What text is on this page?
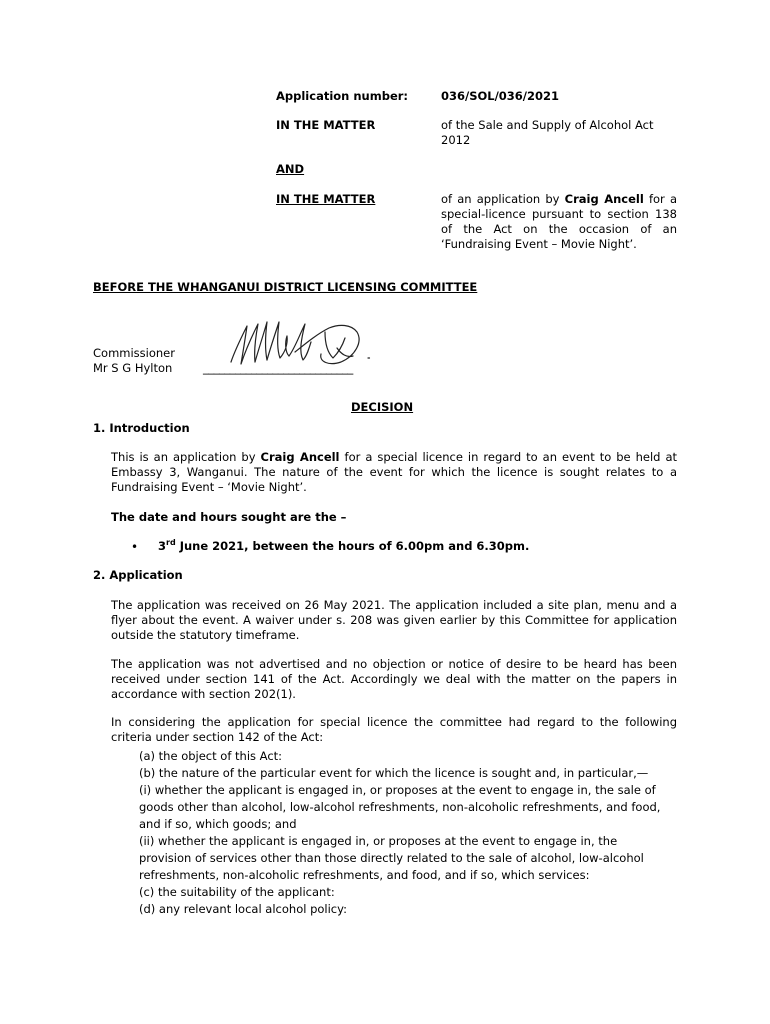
Application number:	036/SOL/036/2021
IN THE MATTER	of the Sale and Supply of Alcohol Act 2012
AND
IN THE MATTER	of an application by Craig Ancell for a special-licence pursuant to section 138 of the Act on the occasion of an ‘Fundraising Event – Movie Night’.
BEFORE THE WHANGANUI DISTRICT LICENSING COMMITTEE
Commissioner
Mr S G Hylton	____________________________
DECISION
1. Introduction
This is an application by Craig Ancell for a special licence in regard to an event to be held at Embassy 3, Wanganui. The nature of the event for which the licence is sought relates to a Fundraising Event – ‘Movie Night’.
The date and hours sought are the –
• 3rd June 2021, between the hours of 6.00pm and 6.30pm.
2. Application
The application was received on 26 May 2021. The application included a site plan, menu and a flyer about the event. A waiver under s. 208 was given earlier by this Committee for application outside the statutory timeframe.
The application was not advertised and no objection or notice of desire to be heard has been received under section 141 of the Act. Accordingly we deal with the matter on the papers in accordance with section 202(1).
In considering the application for special licence the committee had regard to the following criteria under section 142 of the Act:
(a) the object of this Act:
(b) the nature of the particular event for which the licence is sought and, in particular,—
(i) whether the applicant is engaged in, or proposes at the event to engage in, the sale of goods other than alcohol, low-alcohol refreshments, non-alcoholic refreshments, and food, and if so, which goods; and
(ii) whether the applicant is engaged in, or proposes at the event to engage in, the provision of services other than those directly related to the sale of alcohol, low-alcohol refreshments, non-alcoholic refreshments, and food, and if so, which services:
(c) the suitability of the applicant:
(d) any relevant local alcohol policy:
